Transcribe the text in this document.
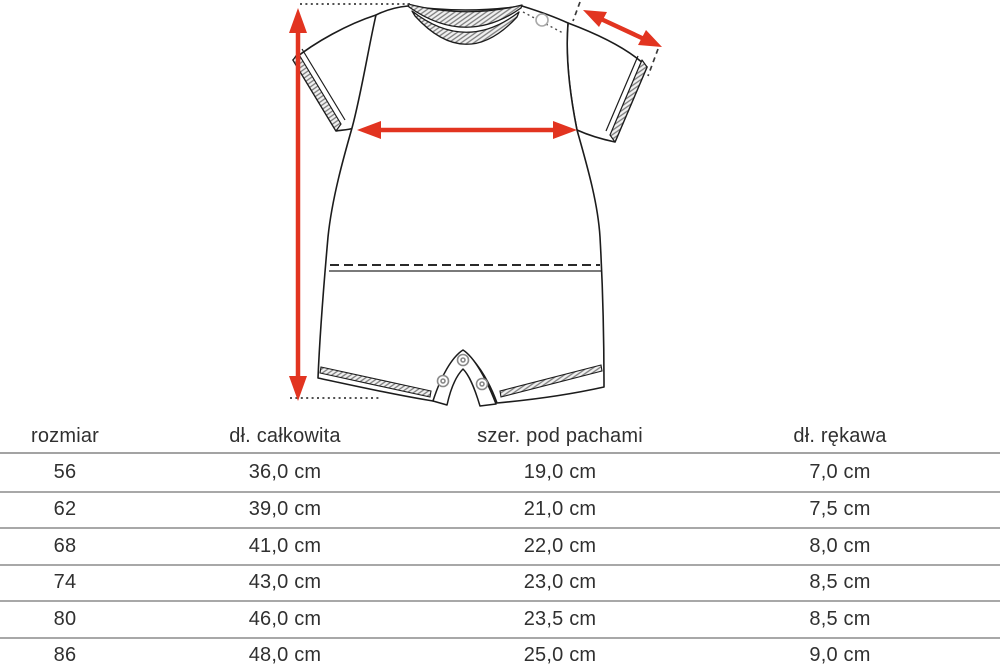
rozmiar	dł. całkowita	szer. pod pachami	dł. rękawa
56	36,0 cm	19,0 cm	7,0 cm
62	39,0 cm	21,0 cm	7,5 cm
68	41,0 cm	22,0 cm	8,0 cm
74	43,0 cm	23,0 cm	8,5 cm
80	46,0 cm	23,5 cm	8,5 cm
86	48,0 cm	25,0 cm	9,0 cm
